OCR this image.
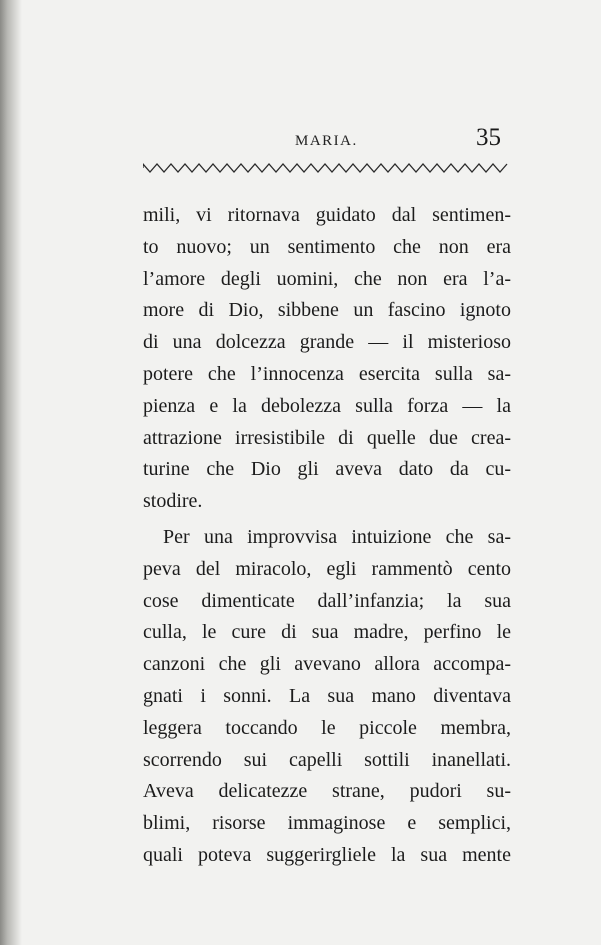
MARIA.	35
mili, vi ritornava guidato dal sentimen-
to nuovo; un sentimento che non era
l’amore degli uomini, che non era l’a-
more di Dio, sibbene un fascino ignoto
di una dolcezza grande — il misterioso
potere che l’innocenza esercita sulla sa-
pienza e la debolezza sulla forza — la
attrazione irresistibile di quelle due crea-
turine che Dio gli aveva dato da cu-
stodire.
Per una improvvisa intuizione che sa-
peva del miracolo, egli rammentò cento
cose dimenticate dall’infanzia; la sua
culla, le cure di sua madre, perfino le
canzoni che gli avevano allora accompa-
gnati i sonni. La sua mano diventava
leggera toccando le piccole membra,
scorrendo sui capelli sottili inanellati.
Aveva delicatezze strane, pudori su-
blimi, risorse immaginose e semplici,
quali poteva suggerirgliele la sua mente
